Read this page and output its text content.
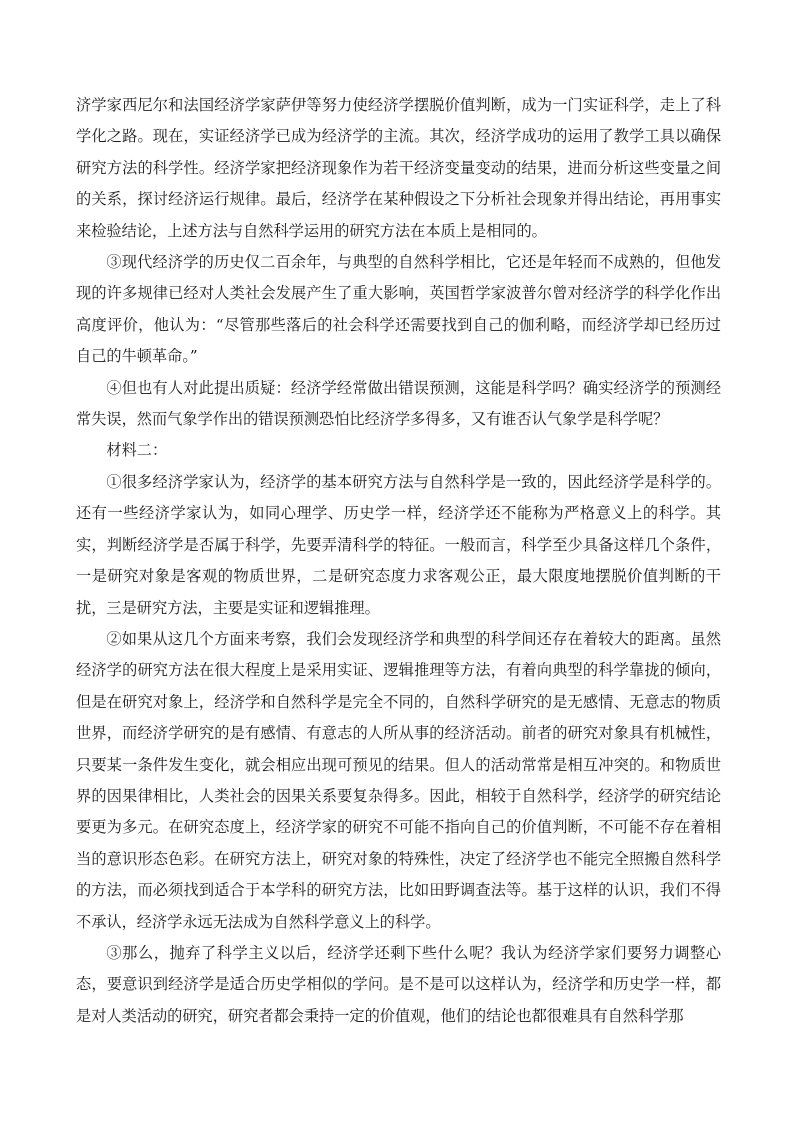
济学家西尼尔和法国经济学家萨伊等努力使经济学摆脱价值判断，成为一门实证科学，走上了科学化之路。现在，实证经济学已成为经济学的主流。其次，经济学成功的运用了教学工具以确保研究方法的科学性。经济学家把经济现象作为若干经济变量变动的结果，进而分析这些变量之间的关系，探讨经济运行规律。最后，经济学在某种假设之下分析社会现象并得出结论，再用事实来检验结论，上述方法与自然科学运用的研究方法在本质上是相同的。

③现代经济学的历史仅二百余年，与典型的自然科学相比，它还是年轻而不成熟的，但他发现的许多规律已经对人类社会发展产生了重大影响，英国哲学家波普尔曾对经济学的科学化作出高度评价，他认为：“尽管那些落后的社会科学还需要找到自己的伽利略，而经济学却已经历过自己的牛顿革命。”

④但也有人对此提出质疑：经济学经常做出错误预测，这能是科学吗？确实经济学的预测经常失误，然而气象学作出的错误预测恐怕比经济学多得多，又有谁否认气象学是科学呢？

材料二：

①很多经济学家认为，经济学的基本研究方法与自然科学是一致的，因此经济学是科学的。还有一些经济学家认为，如同心理学、历史学一样，经济学还不能称为严格意义上的科学。其实，判断经济学是否属于科学，先要弄清科学的特征。一般而言，科学至少具备这样几个条件，一是研究对象是客观的物质世界，二是研究态度力求客观公正，最大限度地摆脱价值判断的干扰，三是研究方法，主要是实证和逻辑推理。

②如果从这几个方面来考察，我们会发现经济学和典型的科学间还存在着较大的距离。虽然经济学的研究方法在很大程度上是采用实证、逻辑推理等方法，有着向典型的科学靠拢的倾向，但是在研究对象上，经济学和自然科学是完全不同的，自然科学研究的是无感情、无意志的物质世界，而经济学研究的是有感情、有意志的人所从事的经济活动。前者的研究对象具有机械性，只要某一条件发生变化，就会相应出现可预见的结果。但人的活动常常是相互冲突的。和物质世界的因果律相比，人类社会的因果关系要复杂得多。因此，相较于自然科学，经济学的研究结论要更为多元。在研究态度上，经济学家的研究不可能不指向自己的价值判断，不可能不存在着相当的意识形态色彩。在研究方法上，研究对象的特殊性，决定了经济学也不能完全照搬自然科学的方法，而必须找到适合于本学科的研究方法，比如田野调查法等。基于这样的认识，我们不得不承认，经济学永远无法成为自然科学意义上的科学。

③那么，抛弃了科学主义以后，经济学还剩下些什么呢？我认为经济学家们要努力调整心态，要意识到经济学是适合历史学相似的学问。是不是可以这样认为，经济学和历史学一样，都是对人类活动的研究，研究者都会秉持一定的价值观，他们的结论也都很难具有自然科学那
